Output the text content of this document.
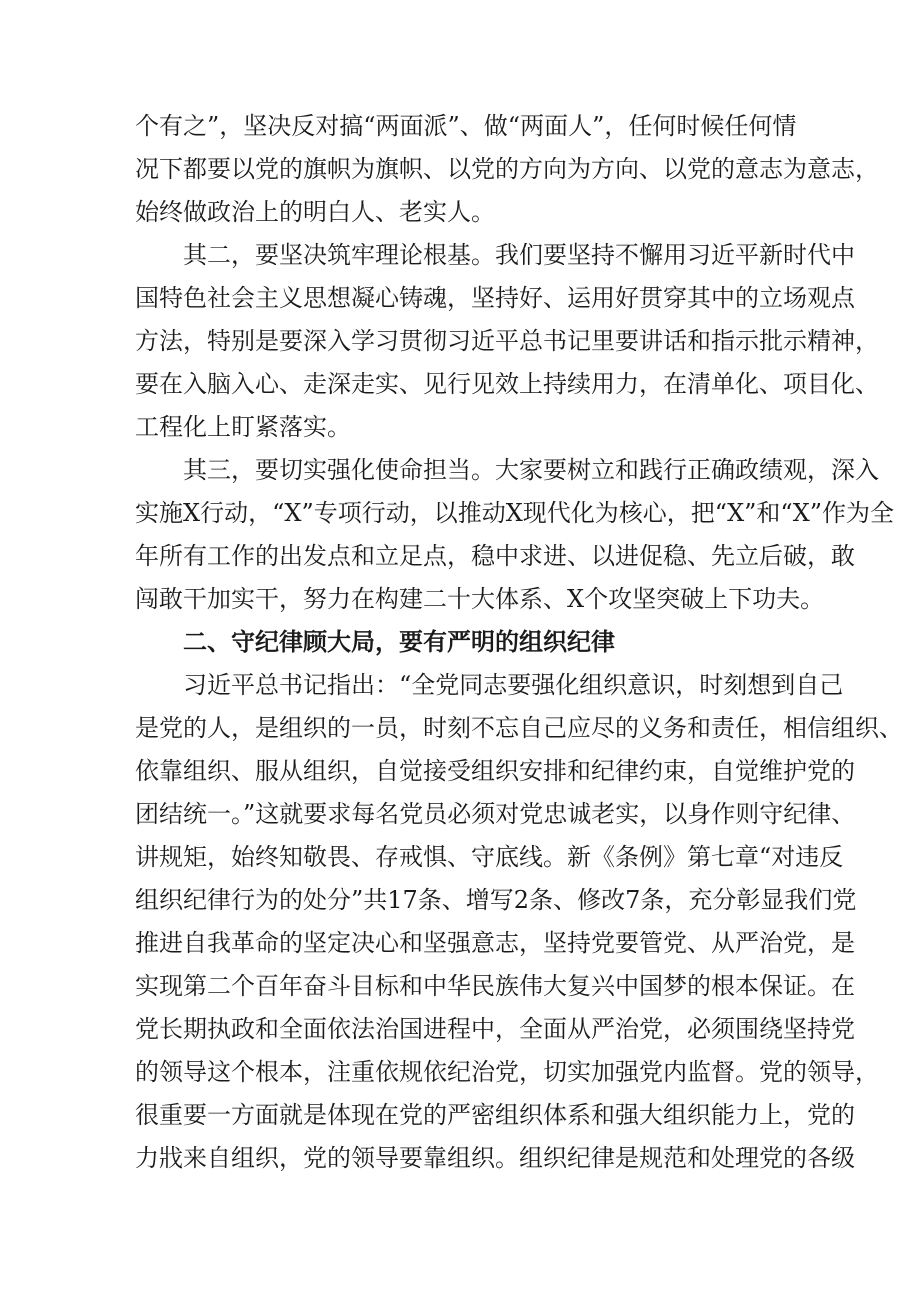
个有之”，坚决反对搞“两面派”、做“两面人”，任何时候任何情
况下都要以党的旗帜为旗帜、以党的方向为方向、以党的意志为意志，
始终做政治上的明白人、老实人。
其二，要坚决筑牢理论根基。我们要坚持不懈用习近平新时代中
国特色社会主义思想凝心铸魂，坚持好、运用好贯穿其中的立场观点
方法，特别是要深入学习贯彻习近平总书记里要讲话和指示批示精神，
要在入脑入心、走深走实、见行见效上持续用力，在清单化、项目化、
工程化上盯紧落实。
其三，要切实强化使命担当。大家要树立和践行正确政绩观，深入
实施X行动，“X”专项行动，以推动X现代化为核心，把“X”和“X”作为全
年所有工作的出发点和立足点，稳中求进、以进促稳、先立后破，敢
闯敢干加实干，努力在构建二十大体系、X个攻坚突破上下功夫。
二、守纪律顾大局，要有严明的组织纪律
习近平总书记指出：“全党同志要强化组织意识，时刻想到自己
是党的人，是组织的一员，时刻不忘自己应尽的义务和责任，相信组织、
依靠组织、服从组织，自觉接受组织安排和纪律约束，自觉维护党的
团结统一。”这就要求每名党员必须对党忠诚老实，以身作则守纪律、
讲规矩，始终知敬畏、存戒惧、守底线。新《条例》第七章“对违反
组织纪律行为的处分”共17条、增写2条、修改7条，充分彰显我们党
推进自我革命的坚定决心和坚强意志，坚持党要管党、从严治党，是
实现第二个百年奋斗目标和中华民族伟大复兴中国梦的根本保证。在
党长期执政和全面依法治国进程中，全面从严治党，必须围绕坚持党
的领导这个根本，注重依规依纪治党，切实加强党内监督。党的领导，
很重要一方面就是体现在党的严密组织体系和强大组织能力上，党的
力戕来自组织，党的领导要靠组织。组织纪律是规范和处理党的各级
